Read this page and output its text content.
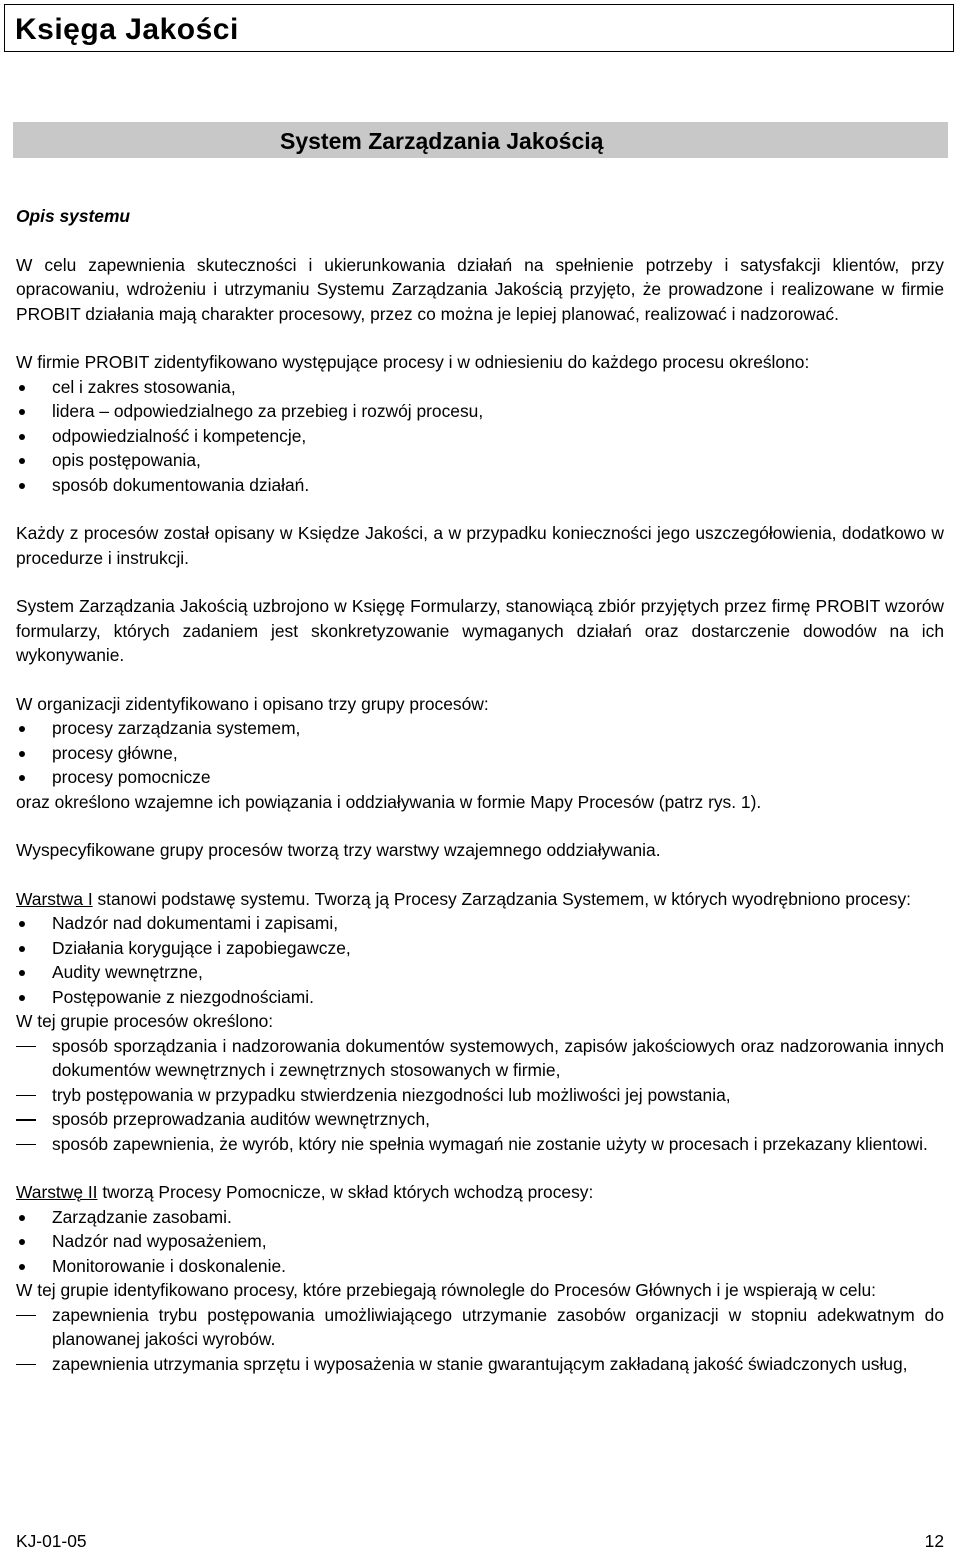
Księga Jakości
System Zarządzania Jakością

Opis systemu

W celu zapewnienia skuteczności i ukierunkowania działań na spełnienie potrzeby i satysfakcji klientów, przy opracowaniu, wdrożeniu i utrzymaniu Systemu Zarządzania Jakością przyjęto, że prowadzone i realizowane w firmie PROBIT działania mają charakter procesowy, przez co można je lepiej planować, realizować i nadzorować.

W firmie PROBIT zidentyfikowano występujące procesy i w odniesieniu do każdego procesu określono:

cel i zakres stosowania,
lidera – odpowiedzialnego za przebieg i rozwój procesu,
odpowiedzialność i kompetencje,
opis postępowania,
sposób dokumentowania działań.

Każdy z procesów został opisany w Księdze Jakości, a w przypadku konieczności jego uszczegółowienia, dodatkowo w procedurze i instrukcji.

System Zarządzania Jakością uzbrojono w Księgę Formularzy, stanowiącą zbiór przyjętych przez firmę PROBIT wzorów formularzy, których zadaniem jest skonkretyzowanie wymaganych działań oraz dostarczenie dowodów na ich wykonywanie.

W organizacji zidentyfikowano i opisano trzy grupy procesów:

procesy zarządzania systemem,
procesy główne,
procesy pomocnicze

oraz określono wzajemne ich powiązania i oddziaływania w formie Mapy Procesów (patrz rys. 1).

Wyspecyfikowane grupy procesów tworzą trzy warstwy wzajemnego oddziaływania.

Warstwa I stanowi podstawę systemu. Tworzą ją Procesy Zarządzania Systemem, w których wyodrębniono procesy:

Nadzór nad dokumentami i zapisami,
Działania korygujące i zapobiegawcze,
Audity wewnętrzne,
Postępowanie z niezgodnościami.

W tej grupie procesów określono:

sposób sporządzania i nadzorowania dokumentów systemowych, zapisów jakościowych oraz nadzorowania innych dokumentów wewnętrznych i zewnętrznych stosowanych w firmie,
tryb postępowania w przypadku stwierdzenia niezgodności lub możliwości jej powstania,
sposób przeprowadzania auditów wewnętrznych,
sposób zapewnienia, że wyrób, który nie spełnia wymagań nie zostanie użyty w procesach i przekazany klientowi.

Warstwę II tworzą Procesy Pomocnicze, w skład których wchodzą procesy:

Zarządzanie zasobami.
Nadzór nad wyposażeniem,
Monitorowanie i doskonalenie.

W tej grupie identyfikowano procesy, które przebiegają równolegle do Procesów Głównych i je wspierają w celu:

zapewnienia trybu postępowania umożliwiającego utrzymanie zasobów organizacji w stopniu adekwatnym do planowanej jakości wyrobów.
zapewnienia utrzymania sprzętu i wyposażenia w stanie gwarantującym zakładaną jakość świadczonych usług,
KJ-01-05	12
